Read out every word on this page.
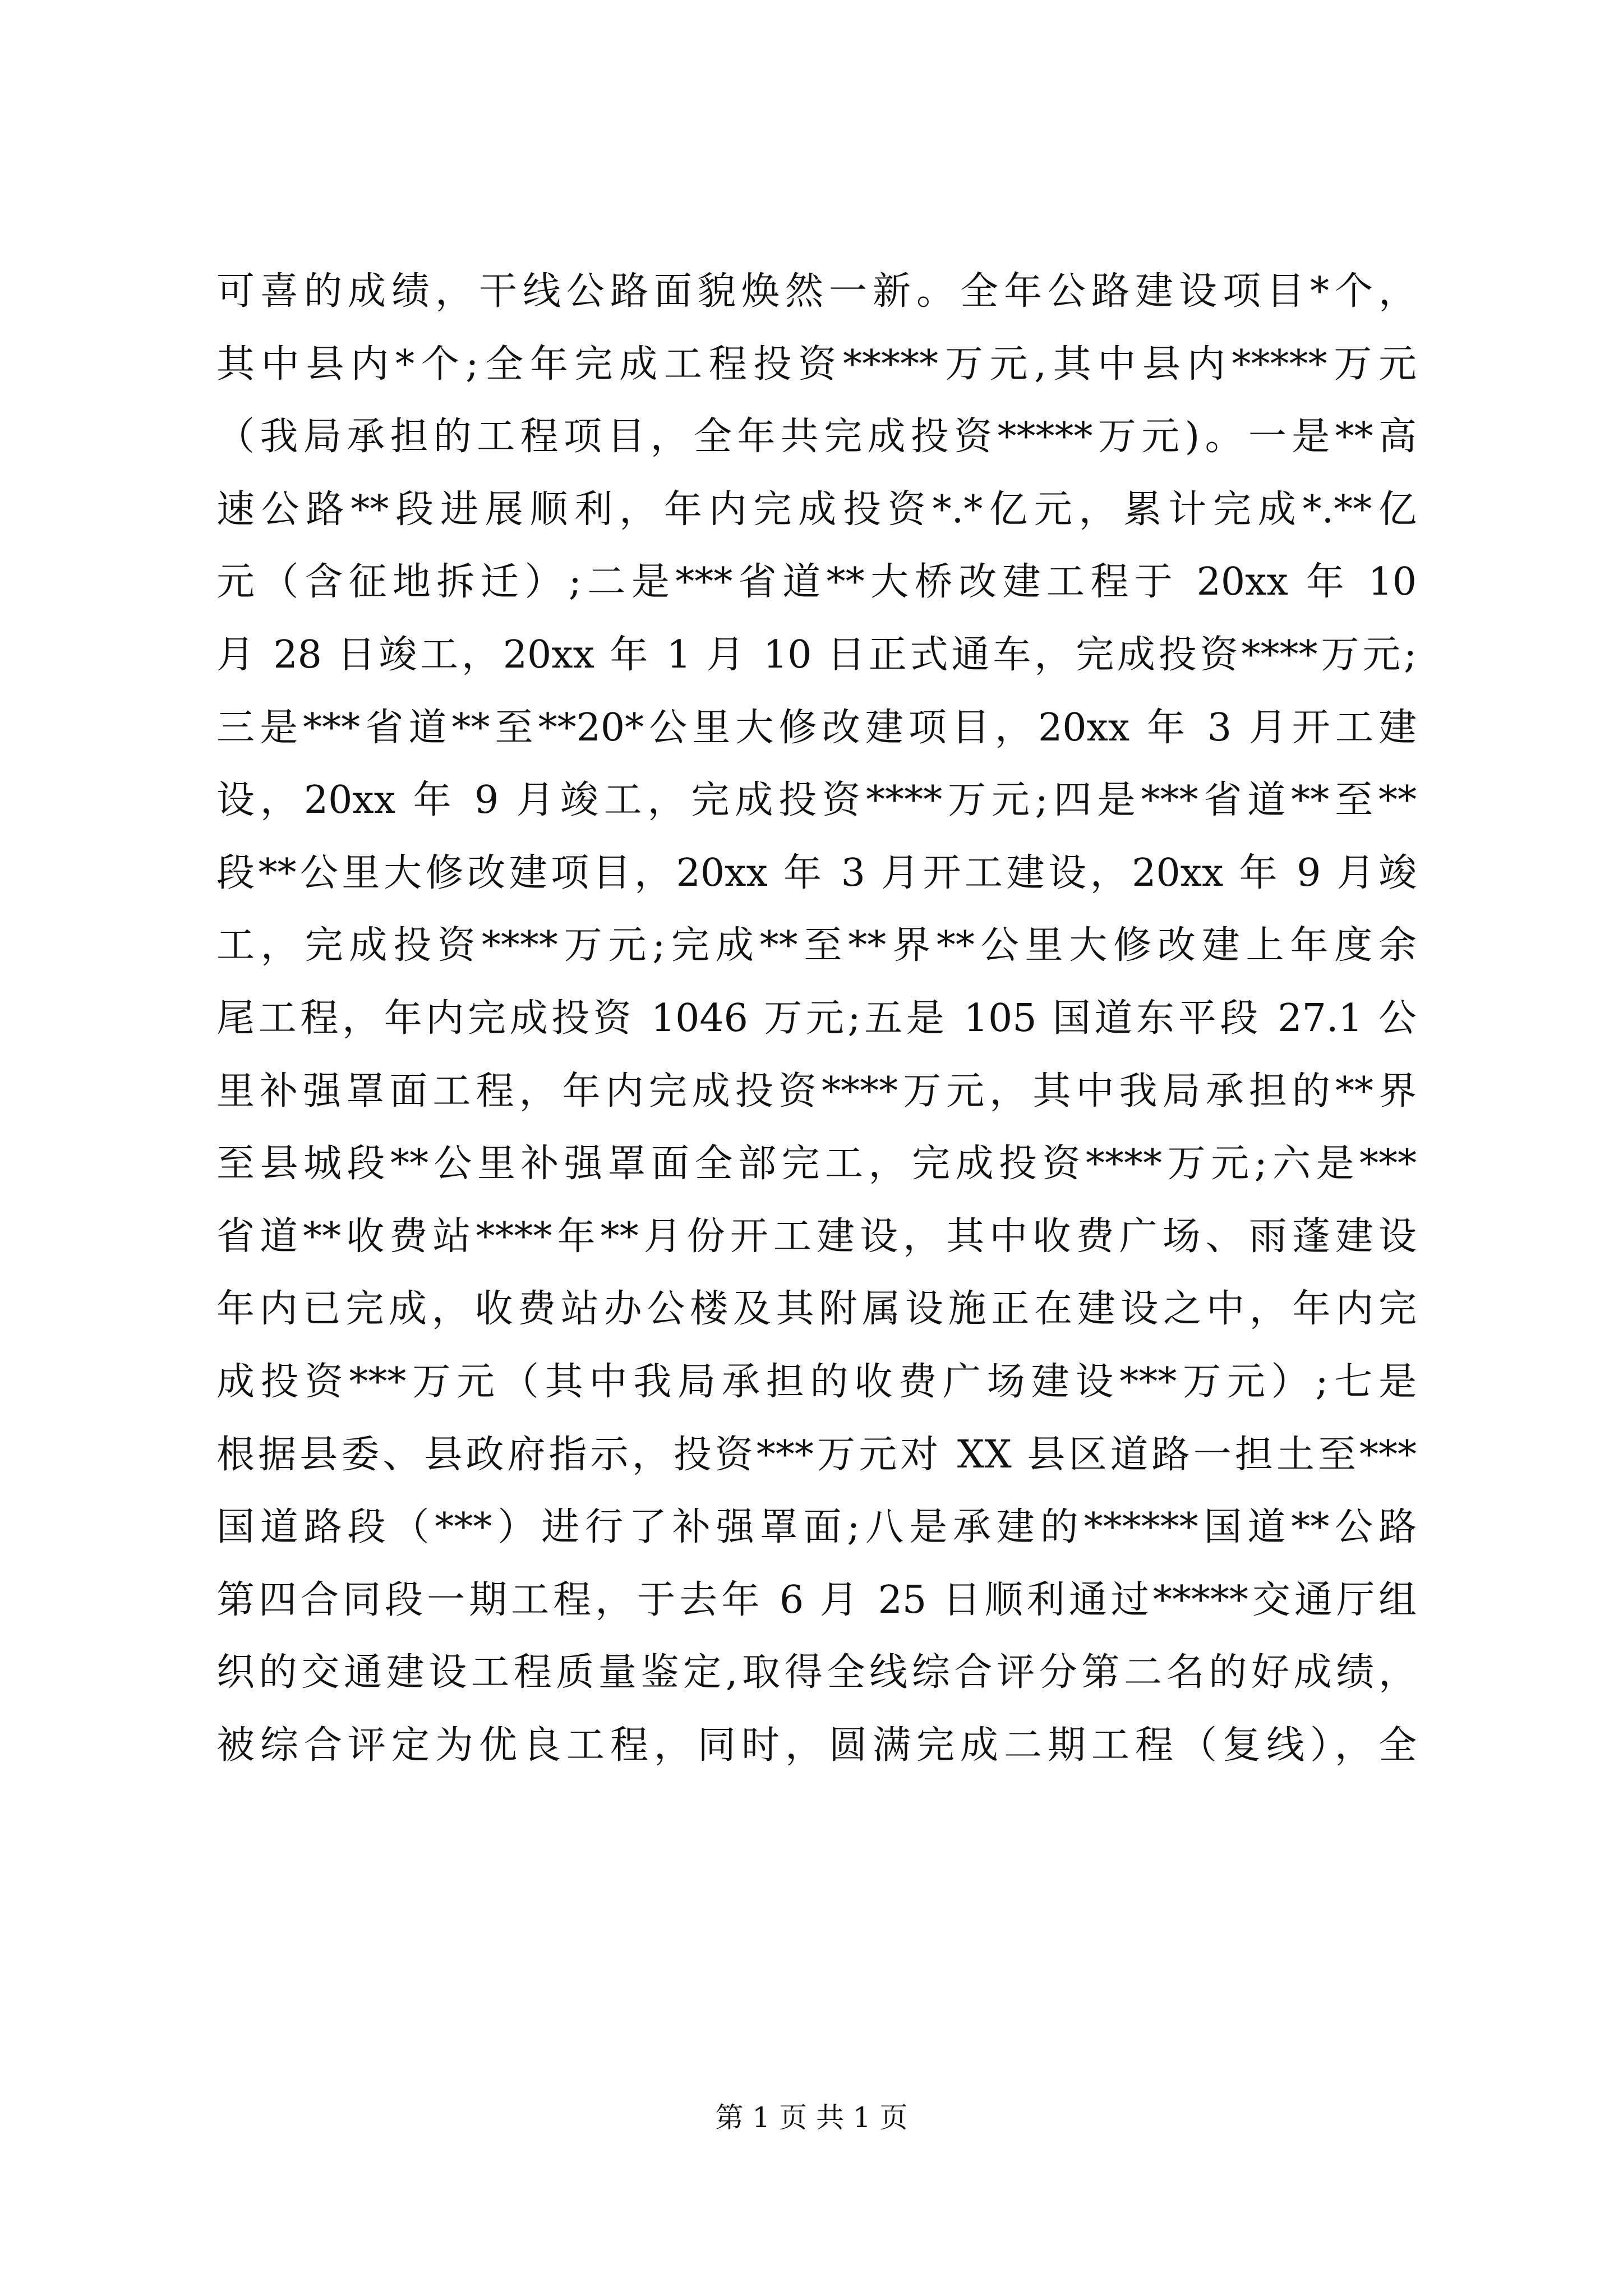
可喜的成绩，干线公路面貌焕然一新。全年公路建设项目*个，
其中县内*个;全年完成工程投资*****万元,其中县内*****万元
（我局承担的工程项目，全年共完成投资*****万元)。一是**高
速公路**段进展顺利，年内完成投资*.*亿元，累计完成*.**亿
元（含征地拆迁）;二是***省道**大桥改建工程于 20xx 年 10
月 28 日竣工，20xx 年 1 月 10 日正式通车，完成投资****万元;
三是***省道**至**20*公里大修改建项目，20xx 年 3 月开工建
设，20xx 年 9 月竣工，完成投资****万元;四是***省道**至**
段**公里大修改建项目，20xx 年 3 月开工建设，20xx 年 9 月竣
工，完成投资****万元;完成**至**界**公里大修改建上年度余
尾工程，年内完成投资 1046 万元;五是 105 国道东平段 27.1 公
里补强罩面工程，年内完成投资****万元，其中我局承担的**界
至县城段**公里补强罩面全部完工，完成投资****万元;六是***
省道**收费站****年**月份开工建设，其中收费广场、雨蓬建设
年内已完成，收费站办公楼及其附属设施正在建设之中，年内完
成投资***万元（其中我局承担的收费广场建设***万元）;七是
根据县委、县政府指示，投资***万元对 XX 县区道路一担土至***
国道路段（***）进行了补强罩面;八是承建的******国道**公路
第四合同段一期工程，于去年 6 月 25 日顺利通过*****交通厅组
织的交通建设工程质量鉴定,取得全线综合评分第二名的好成绩，
被综合评定为优良工程，同时，圆满完成二期工程（复线），全
第 1 页 共 1 页
